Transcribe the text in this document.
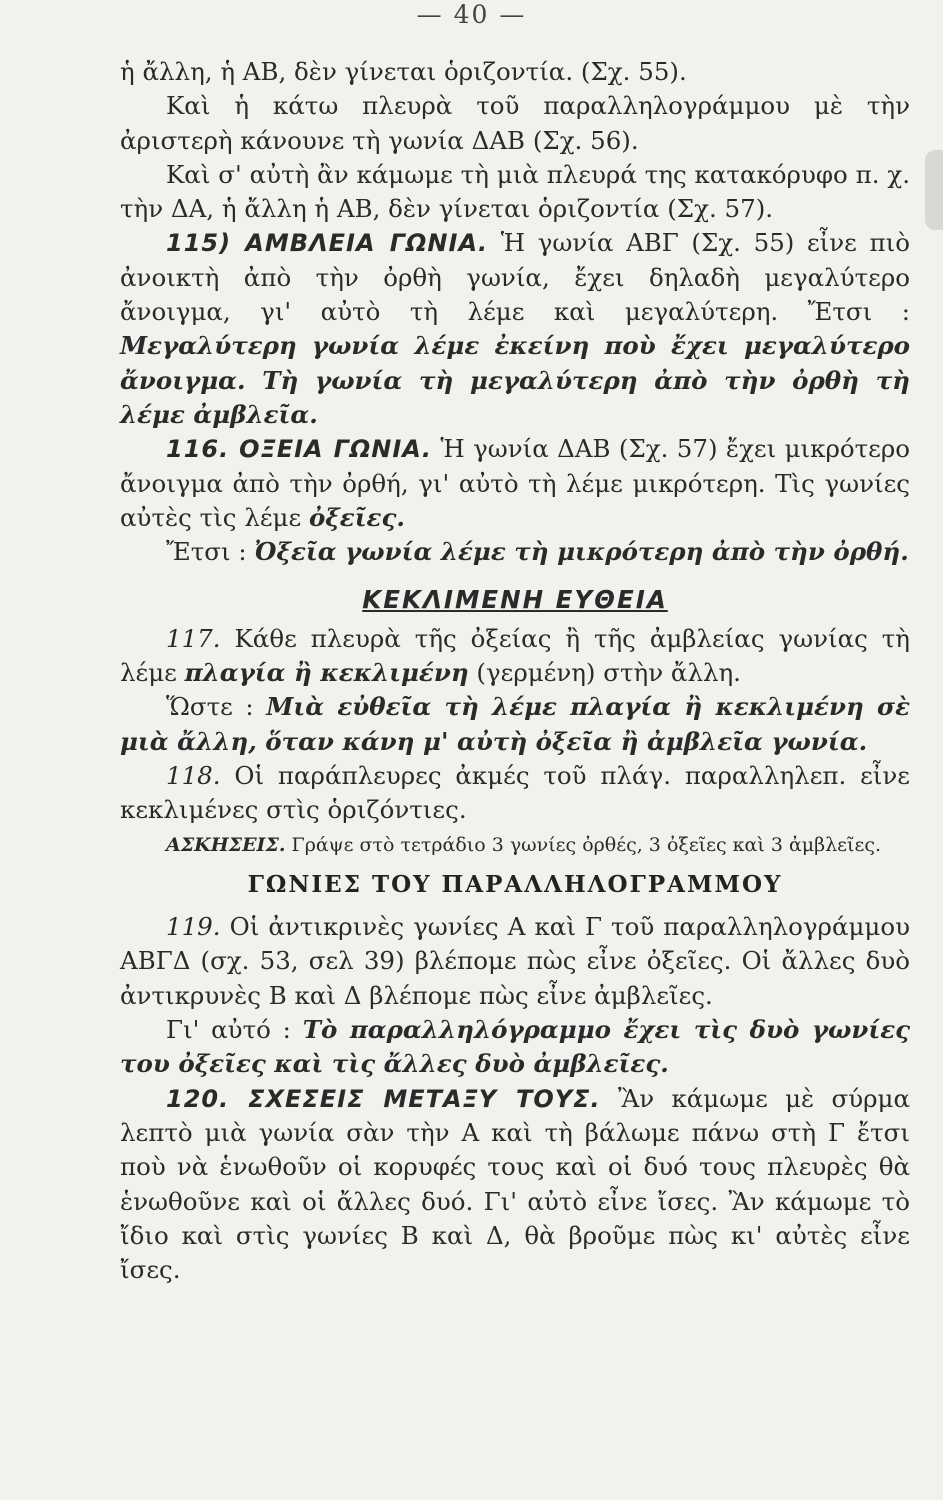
— 40 —

ἡ ἄλλη, ἡ ΑΒ, δὲν γίνεται ὁριζοντία. (Σχ. 55).

Καὶ ἡ κάτω πλευρὰ τοῦ παραλληλογράμμου μὲ τὴν ἀριστερὴ κάνουνε τὴ γωνία ΔΑΒ (Σχ. 56).

Καὶ σ' αὐτὴ ἂν κάμωμε τὴ μιὰ πλευρά της κατακόρυφο π. χ. τὴν ΔΑ, ἡ ἄλλη ἡ ΑΒ, δὲν γίνεται ὁριζοντία (Σχ. 57).

115) ΑΜΒΛΕΙΑ ΓΩΝΙΑ. Ἡ γωνία ΑΒΓ (Σχ. 55) εἶνε πιὸ ἀνοικτὴ ἀπὸ τὴν ὀρθὴ γωνία, ἔχει δηλαδὴ μεγαλύτερο ἄνοιγμα, γι' αὐτὸ τὴ λέμε καὶ μεγαλύτερη. Ἔτσι : Μεγαλύτερη γωνία λέμε ἐκείνη ποὺ ἔχει μεγαλύτερο ἄνοιγμα. Τὴ γωνία τὴ μεγαλύτερη ἀπὸ τὴν ὀρθὴ τὴ λέμε ἀμβλεῖα.

116. ΟΞΕΙΑ ΓΩΝΙΑ. Ἡ γωνία ΔΑΒ (Σχ. 57) ἔχει μικρότερο ἄνοιγμα ἀπὸ τὴν ὀρθή, γι' αὐτὸ τὴ λέμε μικρότερη. Τὶς γωνίες αὐτὲς τὶς λέμε ὀξεῖες.

Ἔτσι : Ὀξεῖα γωνία λέμε τὴ μικρότερη ἀπὸ τὴν ὀρθή.

ΚΕΚΛΙΜΕΝΗ ΕΥΘΕΙΑ

117. Κάθε πλευρὰ τῆς ὀξείας ἢ τῆς ἀμβλείας γωνίας τὴ λέμε πλαγία ἢ κεκλιμένη (γερμένη) στὴν ἄλλη.

Ὥστε : Μιὰ εὐθεῖα τὴ λέμε πλαγία ἢ κεκλιμένη σὲ μιὰ ἄλλη, ὅταν κάνη μ' αὐτὴ ὀξεῖα ἢ ἀμβλεῖα γωνία.

118. Οἱ παράπλευρες ἀκμές τοῦ πλάγ. παραλληλεπ. εἶνε κεκλιμένες στὶς ὁριζόντιες.

ΑΣΚΗΣΕΙΣ. Γράψε στὸ τετράδιο 3 γωνίες ὀρθές, 3 ὀξεῖες καὶ 3 ἀμβλεῖες.

ΓΩΝΙΕΣ ΤΟΥ ΠΑΡΑΛΛΗΛΟΓΡΑΜΜΟΥ

119. Οἱ ἀντικρινὲς γωνίες Α καὶ Γ τοῦ παραλληλογράμμου ΑΒΓΔ (σχ. 53, σελ 39) βλέπομε πὼς εἶνε ὀξεῖες. Οἱ ἄλλες δυὸ ἀντικρυνὲς Β καὶ Δ βλέπομε πὼς εἶνε ἀμβλεῖες.

Γι' αὐτό : Τὸ παραλληλόγραμμο ἔχει τὶς δυὸ γωνίες του ὀξεῖες καὶ τὶς ἄλλες δυὸ ἀμβλεῖες.

120. ΣΧΕΣΕΙΣ ΜΕΤΑΞΥ ΤΟΥΣ. Ἂν κάμωμε μὲ σύρμα λεπτὸ μιὰ γωνία σὰν τὴν Α καὶ τὴ βάλωμε πάνω στὴ Γ ἔτσι ποὺ νὰ ἑνωθοῦν οἱ κορυφές τους καὶ οἱ δυό τους πλευρὲς θὰ ἑνωθοῦνε καὶ οἱ ἄλλες δυό. Γι' αὐτὸ εἶνε ἴσες. Ἂν κάμωμε τὸ ἴδιο καὶ στὶς γωνίες Β καὶ Δ, θὰ βροῦμε πὼς κι' αὐτὲς εἶνε ἴσες.
